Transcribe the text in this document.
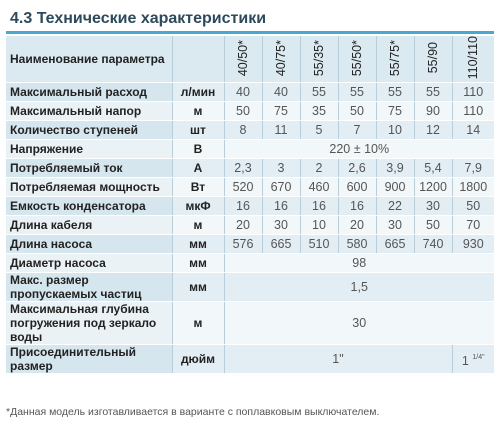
4.3 Технические характеристики
Наименование параметра		40/50*	40/75*	55/35*	55/50*	55/75*	55/90	110/110
Максимальный расход	л/мин	40	40	55	55	55	55	110
Максимальный напор	м	50	75	35	50	75	90	110
Количество ступеней	шт	8	11	5	7	10	12	14
Напряжение	В	220 ± 10%						
Потребляемый ток	А	2,3	3	2	2,6	3,9	5,4	7,9
Потребляемая мощность	Вт	520	670	460	600	900	1200	1800
Емкость конденсатора	мкФ	16	16	16	16	22	30	50
Длина кабеля	м	20	30	10	20	30	50	70
Длина насоса	мм	576	665	510	580	665	740	930
Диаметр насоса	мм	98						
Макс. размер пропускаемых частиц	мм	1,5						
Максимальная глубина погружения под зеркало воды	м	30						
Присоединительный размер	дюйм	1"						1 $^{1/4"}$
*Данная модель изготавливается в варианте с поплавковым выключателем.
